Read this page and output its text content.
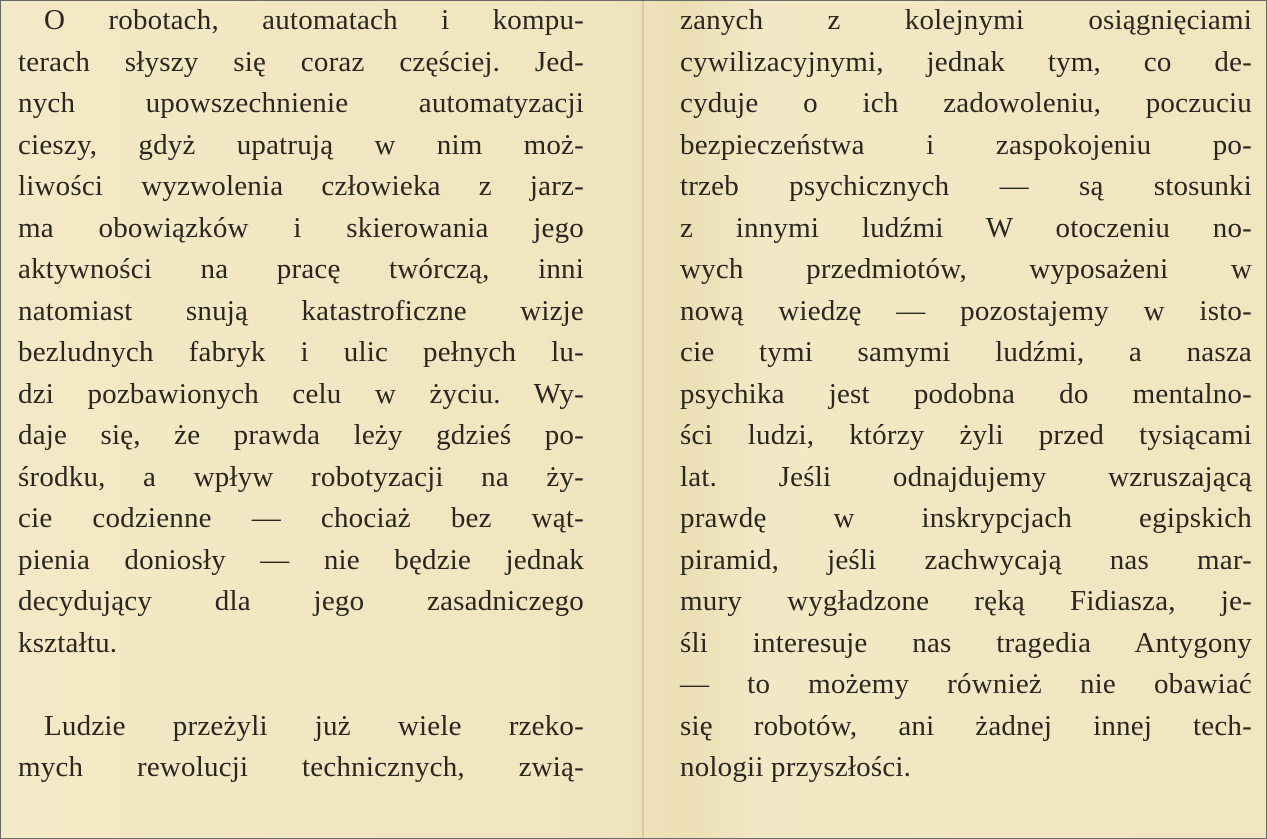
O robotach, automatach i kompu-
terach słyszy się coraz częściej. Jed-
nych upowszechnienie automatyzacji
cieszy, gdyż upatrują w nim moż-
liwości wyzwolenia człowieka z jarz-
ma obowiązków i skierowania jego
aktywności na pracę twórczą, inni
natomiast snują katastroficzne wizje
bezludnych fabryk i ulic pełnych lu-
dzi pozbawionych celu w życiu. Wy-
daje się, że prawda leży gdzieś po-
środku, a wpływ robotyzacji na ży-
cie codzienne — chociaż bez wąt-
pienia doniosły — nie będzie jednak
decydujący dla jego zasadniczego
kształtu.
Ludzie przeżyli już wiele rzeko-
mych rewolucji technicznych, zwią-
zanych z kolejnymi osiągnięciami
cywilizacyjnymi, jednak tym, co de-
cyduje o ich zadowoleniu, poczuciu
bezpieczeństwa i zaspokojeniu po-
trzeb psychicznych — są stosunki
z innymi ludźmi W otoczeniu no-
wych przedmiotów, wyposażeni w
nową wiedzę — pozostajemy w isto-
cie tymi samymi ludźmi, a nasza
psychika jest podobna do mentalno-
ści ludzi, którzy żyli przed tysiącami
lat. Jeśli odnajdujemy wzruszającą
prawdę w inskrypcjach egipskich
piramid, jeśli zachwycają nas mar-
mury wygładzone ręką Fidiasza, je-
śli interesuje nas tragedia Antygony
— to możemy również nie obawiać
się robotów, ani żadnej innej tech-
nologii przyszłości.
